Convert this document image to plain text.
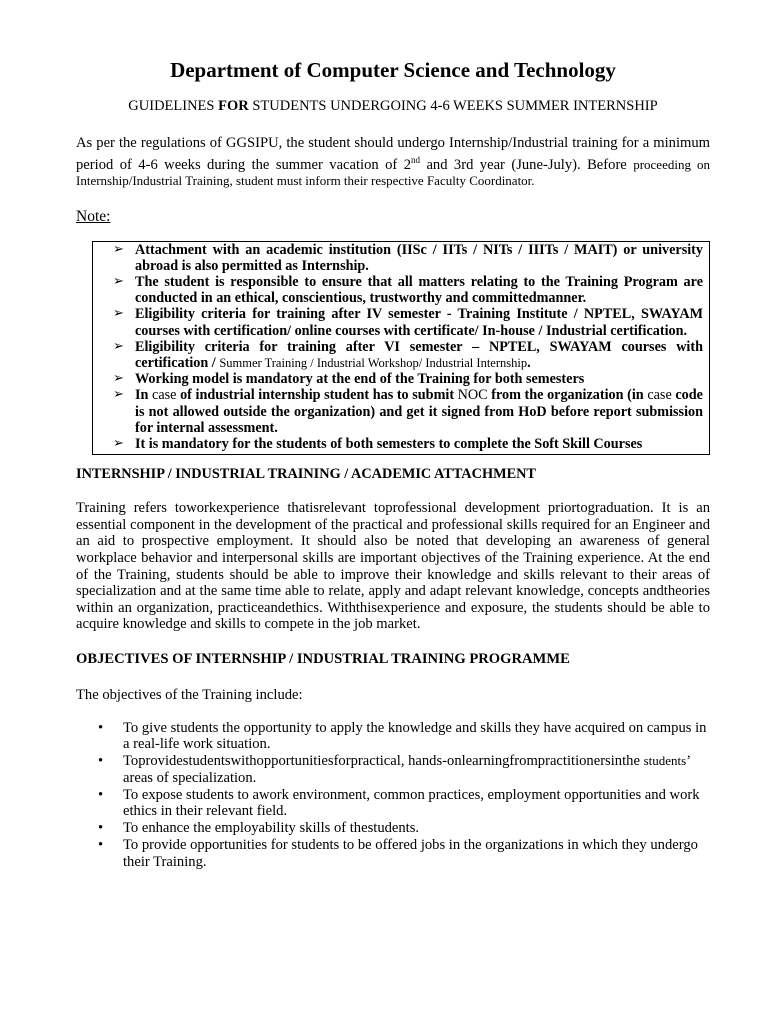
Department of Computer Science and Technology

GUIDELINES FOR STUDENTS UNDERGOING 4-6 WEEKS SUMMER INTERNSHIP

As per the regulations of GGSIPU, the student should undergo Internship/Industrial training for a minimum period of 4-6 weeks during the summer vacation of 2nd and 3rd year (June-July). Before proceeding on Internship/Industrial Training, student must inform their respective Faculty Coordinator.

Note:

➢ Attachment with an academic institution (IISc / IITs / NITs / IIITs / MAIT) or university abroad is also permitted as Internship.
➢ The student is responsible to ensure that all matters relating to the Training Program are conducted in an ethical, conscientious, trustworthy and committedmanner.
➢ Eligibility criteria for training after IV semester - Training Institute / NPTEL, SWAYAM courses with certification/ online courses with certificate/ In-house / Industrial certification.
➢ Eligibility criteria for training after VI semester – NPTEL, SWAYAM courses with certification / Summer Training / Industrial Workshop/ Industrial Internship.
➢ Working model is mandatory at the end of the Training for both semesters
➢ In case of industrial internship student has to submit NOC from the organization (in case code is not allowed outside the organization) and get it signed from HoD before report submission for internal assessment.
➢ It is mandatory for the students of both semesters to complete the Soft Skill Courses
INTERNSHIP / INDUSTRIAL TRAINING / ACADEMIC ATTACHMENT

Training refers toworkexperience thatisrelevant toprofessional development priortograduation. It is an essential component in the development of the practical and professional skills required for an Engineer and an aid to prospective employment. It should also be noted that developing an awareness of general workplace behavior and interpersonal skills are important objectives of the Training experience. At the end of the Training, students should be able to improve their knowledge and skills relevant to their areas of specialization and at the same time able to relate, apply and adapt relevant knowledge, concepts andtheories within an organization, practiceandethics. Withthisexperience and exposure, the students should be able to acquire knowledge and skills to compete in the job market.

OBJECTIVES OF INTERNSHIP / INDUSTRIAL TRAINING PROGRAMME

The objectives of the Training include:

• To give students the opportunity to apply the knowledge and skills they have acquired on campus in a real-life work situation.
• Toprovidestudentswithopportunitiesforpractical, hands-onlearningfrompractitionersinthe students’ areas of specialization.
• To expose students to awork environment, common practices, employment opportunities and work ethics in their relevant field.
• To enhance the employability skills of thestudents.
• To provide opportunities for students to be offered jobs in the organizations in which they undergo their Training.
